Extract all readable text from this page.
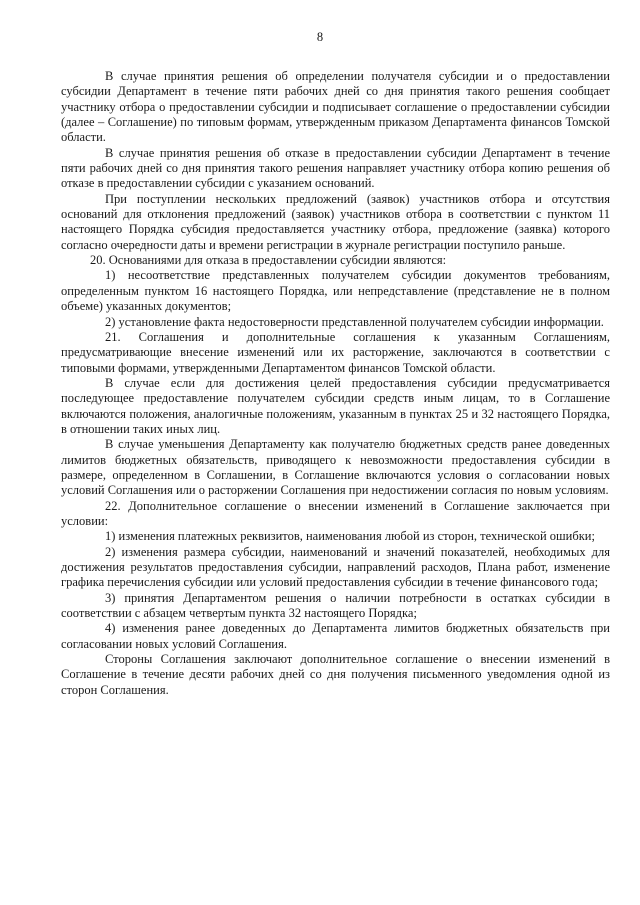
8

В случае принятия решения об определении получателя субсидии и о предоставлении субсидии Департамент в течение пяти рабочих дней со дня принятия такого решения сообщает участнику отбора о предоставлении субсидии и подписывает соглашение о предоставлении субсидии (далее – Соглашение) по типовым формам, утвержденным приказом Департамента финансов Томской области.

В случае принятия решения об отказе в предоставлении субсидии Департамент в течение пяти рабочих дней со дня принятия такого решения направляет участнику отбора копию решения об отказе в предоставлении субсидии с указанием оснований.

При поступлении нескольких предложений (заявок) участников отбора и отсутствия оснований для отклонения предложений (заявок) участников отбора в соответствии с пунктом 11 настоящего Порядка субсидия предоставляется участнику отбора, предложение (заявка) которого согласно очередности даты и времени регистрации в журнале регистрации поступило раньше.

20. Основаниями для отказа в предоставлении субсидии являются:

1) несоответствие представленных получателем субсидии документов требованиям, определенным пунктом 16 настоящего Порядка, или непредставление (представление не в полном объеме) указанных документов;

2) установление факта недостоверности представленной получателем субсидии информации.

21. Соглашения и дополнительные соглашения к указанным Соглашениям, предусматривающие внесение изменений или их расторжение, заключаются в соответствии с типовыми формами, утвержденными Департаментом финансов Томской области.

В случае если для достижения целей предоставления субсидии предусматривается последующее предоставление получателем субсидии средств иным лицам, то в Соглашение включаются положения, аналогичные положениям, указанным в пунктах 25 и 32 настоящего Порядка, в отношении таких иных лиц.

В случае уменьшения Департаменту как получателю бюджетных средств ранее доведенных лимитов бюджетных обязательств, приводящего к невозможности предоставления субсидии в размере, определенном в Соглашении, в Соглашение включаются условия о согласовании новых условий Соглашения или о расторжении Соглашения при недостижении согласия по новым условиям.

22. Дополнительное соглашение о внесении изменений в Соглашение заключается при условии:

1) изменения платежных реквизитов, наименования любой из сторон, технической ошибки;

2) изменения размера субсидии, наименований и значений показателей, необходимых для достижения результатов предоставления субсидии, направлений расходов, Плана работ, изменение графика перечисления субсидии или условий предоставления субсидии в течение финансового года;

3) принятия Департаментом решения о наличии потребности в остатках субсидии в соответствии с абзацем четвертым пункта 32 настоящего Порядка;

4) изменения ранее доведенных до Департамента лимитов бюджетных обязательств при согласовании новых условий Соглашения.

Стороны Соглашения заключают дополнительное соглашение о внесении изменений в Соглашение в течение десяти рабочих дней со дня получения письменного уведомления одной из сторон Соглашения.
